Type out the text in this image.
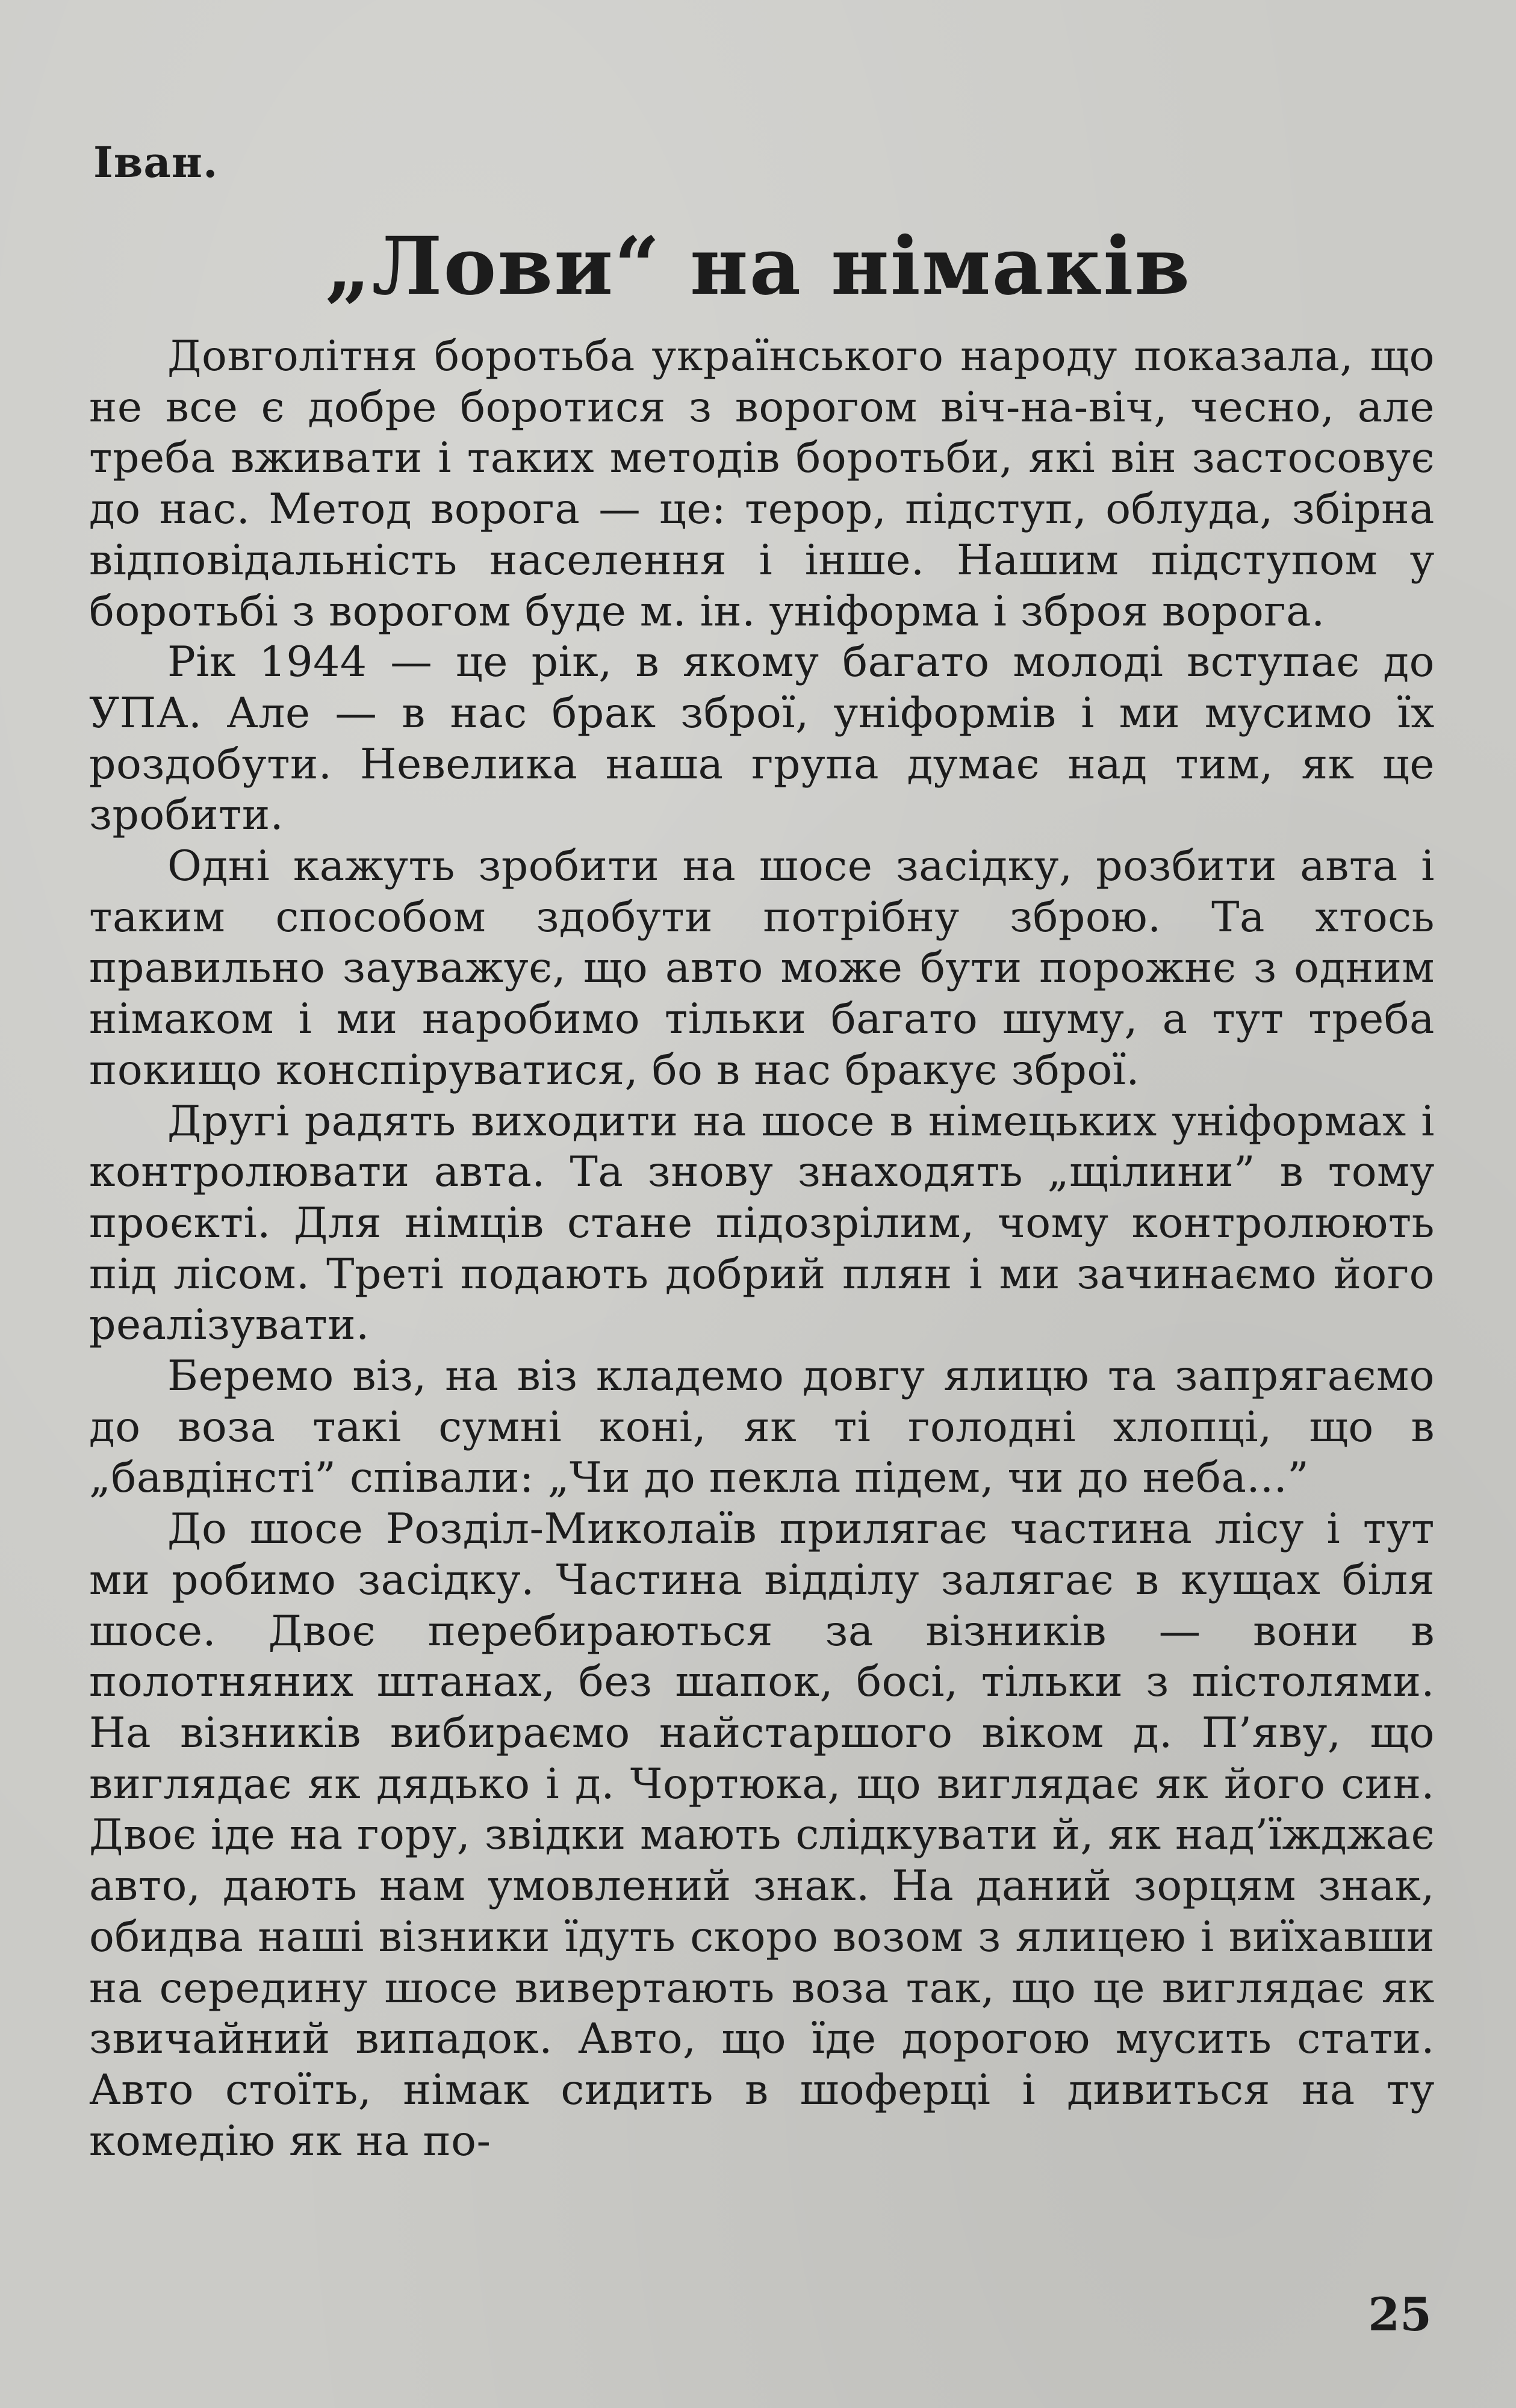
Іван.
„Лови“ на німаків

Довголітня боротьба українського народу показала, що не все є добре боротися з ворогом віч-на-віч, чесно, але треба вживати і таких методів боротьби, які він застосовує до нас. Метод ворога — це: терор, підступ, облуда, збірна відповідальність населення і інше. Нашим підступом у боротьбі з ворогом буде м. ін. уніформа і зброя ворога.

Рік 1944 — це рік, в якому багато молоді вступає до УПА. Але — в нас брак зброї, уніформів і ми мусимо їх роздобути. Невелика наша група думає над тим, як це зробити.

Одні кажуть зробити на шосе засідку, розбити авта і таким способом здобути потрібну зброю. Та хтось правильно зауважує, що авто може бути порожнє з одним німаком і ми наробимо тільки багато шуму, а тут треба покищо конспіруватися, бо в нас бракує зброї.

Другі радять виходити на шосе в німецьких уніформах і контролювати авта. Та знову знаходять „щілини” в тому проєкті. Для німців стане підозрілим, чому контролюють під лісом. Треті подають добрий плян і ми зачинаємо його реалізувати.

Беремо віз, на віз кладемо довгу ялицю та запрягаємо до воза такі сумні коні, як ті голодні хлопці, що в „бавдінсті” співали: „Чи до пекла підем, чи до неба...”

До шосе Розділ-Миколаїв прилягає частина лісу і тут ми робимо засідку. Частина відділу залягає в кущах біля шосе. Двоє перебираються за візників — вони в полотняних штанах, без шапок, босі, тільки з пістолями. На візників вибираємо найстаршого віком д. П’яву, що виглядає як дядько і д. Чортюка, що виглядає як його син. Двоє іде на гору, звідки мають слідкувати й, як над’їжджає авто, дають нам умовлений знак. На даний зорцям знак, обидва наші візники їдуть скоро возом з ялицею і виїхавши на середину шосе вивертають воза так, що це виглядає як звичайний випадок. Авто, що їде дорогою мусить стати. Авто стоїть, німак сидить в шоферці і дивиться на ту комедію як на по-

25
